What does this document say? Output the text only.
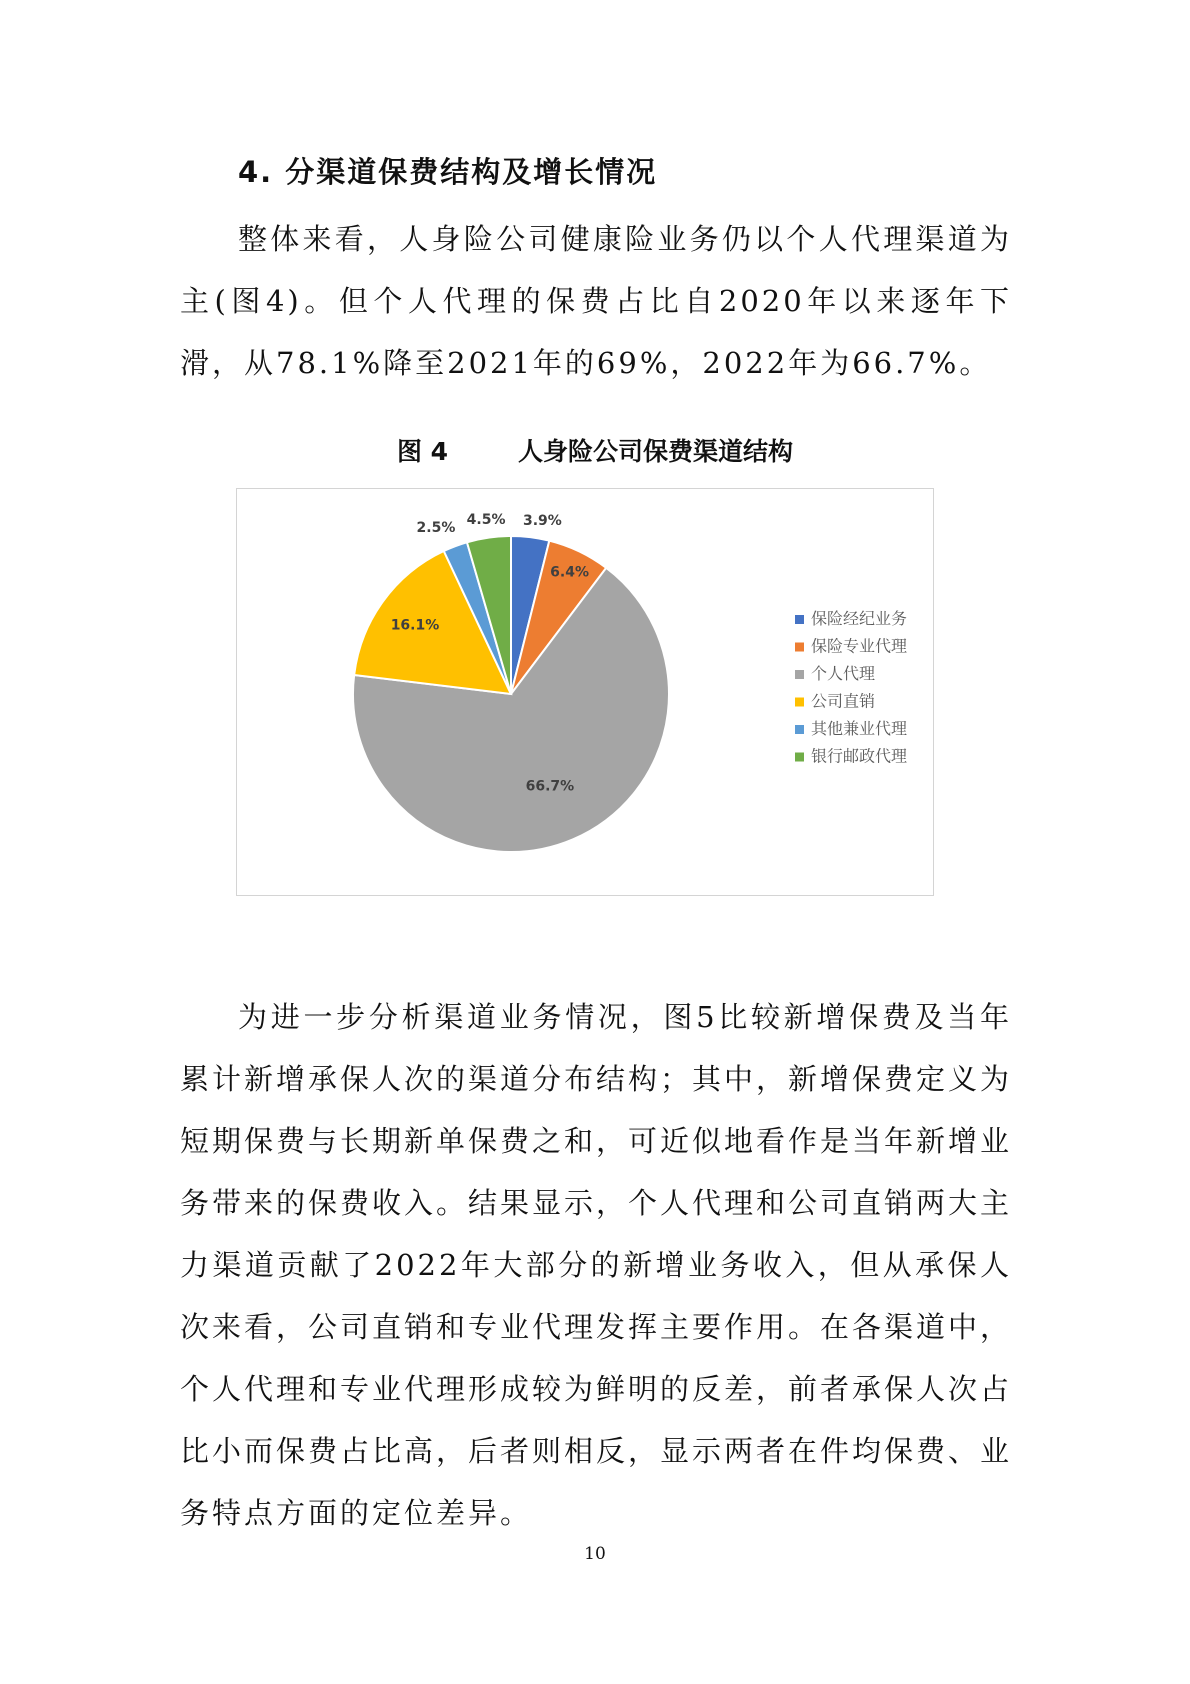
4. 分渠道保费结构及增长情况

整体来看，人身险公司健康险业务仍以个人代理渠道为主(图4)。但个人代理的保费占比自2020年以来逐年下滑，从78.1%降至2021年的69%，2022年为66.7%。

图 4	人身险公司保费渠道结构
3.9%
6.4%
66.7%
16.1%
2.5%
4.5%
保险经纪业务
保险专业代理
个人代理
公司直销
其他兼业代理
银行邮政代理

为进一步分析渠道业务情况，图5比较新增保费及当年累计新增承保人次的渠道分布结构；其中，新增保费定义为短期保费与长期新单保费之和，可近似地看作是当年新增业务带来的保费收入。结果显示，个人代理和公司直销两大主力渠道贡献了2022年大部分的新增业务收入，但从承保人次来看，公司直销和专业代理发挥主要作用。在各渠道中，个人代理和专业代理形成较为鲜明的反差，前者承保人次占比小而保费占比高，后者则相反，显示两者在件均保费、业务特点方面的定位差异。

10
